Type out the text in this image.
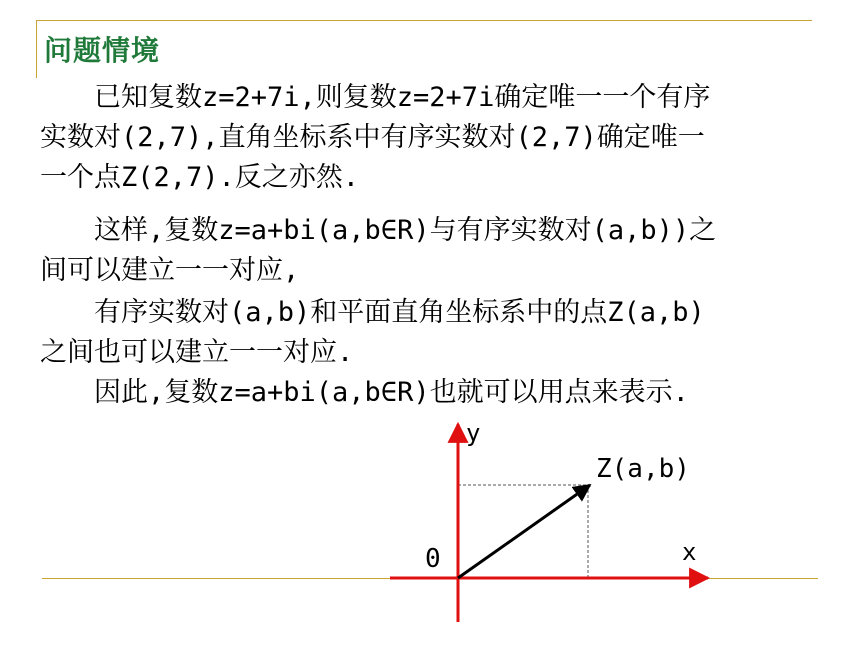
问题情境
　　已知复数z=2+7i,则复数z=2+7i确定唯一一个有序
实数对(2,7),直角坐标系中有序实数对(2,7)确定唯一
一个点Z(2,7).反之亦然.
　　这样,复数z=a+bi(a,b∈R)与有序实数对(a,b))之
间可以建立一一对应,
　　有序实数对(a,b)和平面直角坐标系中的点Z(a,b)
之间也可以建立一一对应.
　　因此,复数z=a+bi(a,b∈R)也就可以用点来表示.
y
x
0
Z(a,b)
